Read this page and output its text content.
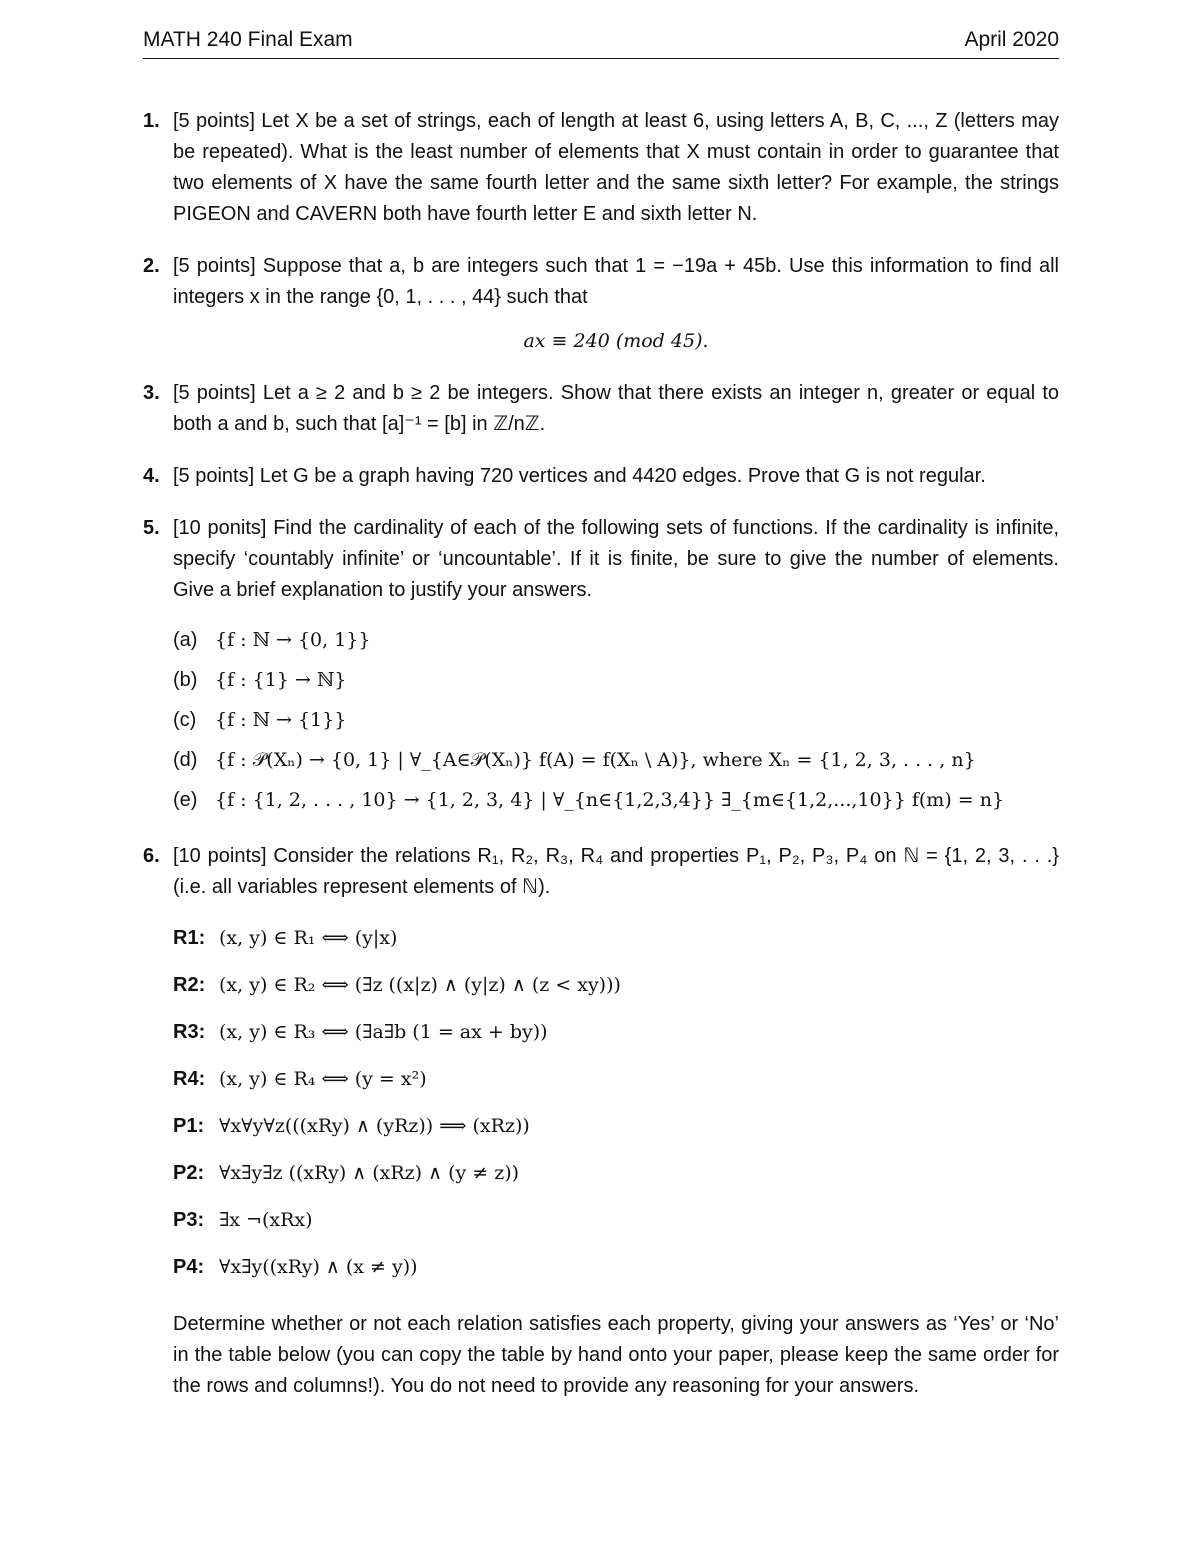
MATH 240 Final Exam	April 2020
1. [5 points] Let X be a set of strings, each of length at least 6, using letters A, B, C, ..., Z (letters may be repeated). What is the least number of elements that X must contain in order to guarantee that two elements of X have the same fourth letter and the same sixth letter? For example, the strings PIGEON and CAVERN both have fourth letter E and sixth letter N.

2. [5 points] Suppose that a, b are integers such that 1 = −19a + 45b. Use this information to find all integers x in the range {0, 1, . . . , 44} such that

ax ≡ 240 (mod 45).
3. [5 points] Let a ≥ 2 and b ≥ 2 be integers. Show that there exists an integer n, greater or equal to both a and b, such that [a]⁻¹ = [b] in ℤ/nℤ.

4. [5 points] Let G be a graph having 720 vertices and 4420 edges. Prove that G is not regular.

5. [10 ponits] Find the cardinality of each of the following sets of functions. If the cardinality is infinite, specify ‘countably infinite’ or ‘uncountable’. If it is finite, be sure to give the number of elements. Give a brief explanation to justify your answers.

(a) {f : ℕ → {0, 1}}
(b) {f : {1} → ℕ}
(c) {f : ℕ → {1}}
(d) {f : 𝒫(Xₙ) → {0, 1} | ∀_{A∈𝒫(Xₙ)} f(A) = f(Xₙ \ A)}, where Xₙ = {1, 2, 3, . . . , n}
(e) {f : {1, 2, . . . , 10} → {1, 2, 3, 4} | ∀_{n∈{1,2,3,4}} ∃_{m∈{1,2,...,10}} f(m) = n}
6. [10 points] Consider the relations R₁, R₂, R₃, R₄ and properties P₁, P₂, P₃, P₄ on ℕ = {1, 2, 3, . . .} (i.e. all variables represent elements of ℕ).

R1: (x, y) ∈ R₁ ⟺ (y|x)
R2: (x, y) ∈ R₂ ⟺ (∃z ((x|z) ∧ (y|z) ∧ (z < xy)))
R3: (x, y) ∈ R₃ ⟺ (∃a∃b (1 = ax + by))
R4: (x, y) ∈ R₄ ⟺ (y = x²)
P1: ∀x∀y∀z(((xRy) ∧ (yRz)) ⟹ (xRz))
P2: ∀x∃y∃z ((xRy) ∧ (xRz) ∧ (y ≠ z))
P3: ∃x ¬(xRx)
P4: ∀x∃y((xRy) ∧ (x ≠ y))

Determine whether or not each relation satisfies each property, giving your answers as ‘Yes’ or ‘No’ in the table below (you can copy the table by hand onto your paper, please keep the same order for the rows and columns!). You do not need to provide any reasoning for your answers.
